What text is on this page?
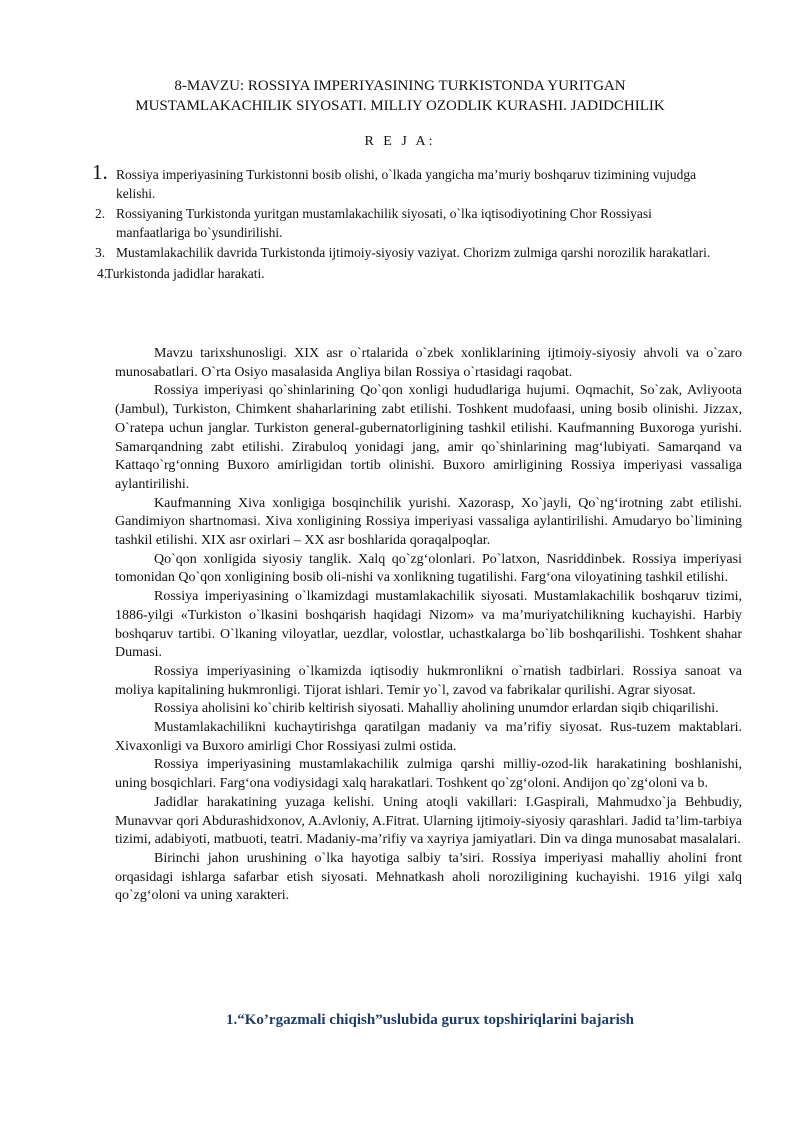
8-MAVZU: ROSSIYA IMPERIYASINING TURKISTONDA YURITGAN
MUSTAMLAKACHILIK SIYOSATI. MILLIY OZODLIK KURASHI. JADIDCHILIK
R E J A:
1. Rossiya imperiyasining Turkistonni bosib olishi, o`lkada yangicha ma’muriy boshqaruv tizimining vujudga kelishi.
2. Rossiyaning Turkistonda yuritgan mustamlakachilik siyosati, o`lka iqtisodiyotining Chor Rossiyasi manfaatlariga bo`ysundirilishi.
3. Mustamlakachilik davrida Turkistonda ijtimoiy-siyosiy vaziyat. Chorizm zulmiga qarshi norozilik harakatlari.
4.
Turkistonda jadidlar harakati.

Mavzu tarixshunosligi. XIX asr o`rtalarida o`zbek xonliklarining ijtimoiy-siyosiy ahvoli va o`zaro munosabatlari. O`rta Osiyo masalasida Angliya bilan Rossiya o`rtasidagi raqobat.

Rossiya imperiyasi qo`shinlarining Qo`qon xonligi hududlariga hujumi. Oqmachit, So`zak, Avliyoota (Jambul), Turkiston, Chimkent shaharlarining zabt etilishi. Toshkent mudofaasi, uning bosib olinishi. Jizzax, O`ratepa uchun janglar. Turkiston general-gubernatorligining tashkil etilishi. Kaufmanning Buxoroga yurishi. Samarqandning zabt etilishi. Zirabuloq yonidagi jang, amir qo`shinlarining mag‘lubiyati. Samarqand va Kattaqo`rg‘onning Buxoro amirligidan tortib olinishi. Buxoro amirligining Rossiya imperiyasi vassaliga aylantirilishi.

Kaufmanning Xiva xonligiga bosqinchilik yurishi. Xazorasp, Xo`jayli, Qo`ng‘irotning zabt etilishi. Gandimiyon shartnomasi. Xiva xonligining Rossiya imperiyasi vassaliga aylantirilishi. Amudaryo bo`limining tashkil etilishi. XIX asr oxirlari – XX asr boshlarida qoraqalpoqlar.

Qo`qon xonligida siyosiy tanglik. Xalq qo`zg‘olonlari. Po`latxon, Nasriddinbek. Rossiya imperiyasi tomonidan Qo`qon xonligining bosib oli-nishi va xonlikning tugatilishi. Farg‘ona viloyatining tashkil etilishi.

Rossiya imperiyasining o`lkamizdagi mustamlakachilik siyosati. Mustamlakachilik boshqaruv tizimi, 1886-yilgi «Turkiston o`lkasini boshqarish haqidagi Nizom» va ma’muriyatchilikning kuchayishi. Harbiy boshqaruv tartibi. O`lkaning viloyatlar, uezdlar, volostlar, uchastkalarga bo`lib boshqarilishi. Toshkent shahar Dumasi.

Rossiya imperiyasining o`lkamizda iqtisodiy hukmronlikni o`rnatish tadbirlari. Rossiya sanoat va moliya kapitalining hukmronligi. Tijorat ishlari. Temir yo`l, zavod va fabrikalar qurilishi. Agrar siyosat.

Rossiya aholisini ko`chirib keltirish siyosati. Mahalliy aholining unumdor erlardan siqib chiqarilishi.

Mustamlakachilikni kuchaytirishga qaratilgan madaniy va ma’rifiy siyosat. Rus-tuzem maktablari. Xivaxonligi va Buxoro amirligi Chor Rossiyasi zulmi ostida.

Rossiya imperiyasining mustamlakachilik zulmiga qarshi milliy-ozod-lik harakatining boshlanishi, uning bosqichlari. Farg‘ona vodiysidagi xalq harakatlari. Toshkent qo`zg‘oloni. Andijon qo`zg‘oloni va b.

Jadidlar harakatining yuzaga kelishi. Uning atoqli vakillari: I.Gaspirali, Mahmudxo`ja Behbudiy, Munavvar qori Abdurashidxonov, A.Avloniy, A.Fitrat. Ularning ijtimoiy-siyosiy qarashlari. Jadid ta’lim-tarbiya tizimi, adabiyoti, matbuoti, teatri. Madaniy-ma’rifiy va xayriya jamiyatlari. Din va dinga munosabat masalalari.

Birinchi jahon urushining o`lka hayotiga salbiy ta’siri. Rossiya imperiyasi mahalliy aholini front orqasidagi ishlarga safarbar etish siyosati. Mehnatkash aholi noroziligining kuchayishi. 1916 yilgi xalq qo`zg‘oloni va uning xarakteri.

1.“Ko’rgazmali chiqish”uslubida gurux topshiriqlarini bajarish
